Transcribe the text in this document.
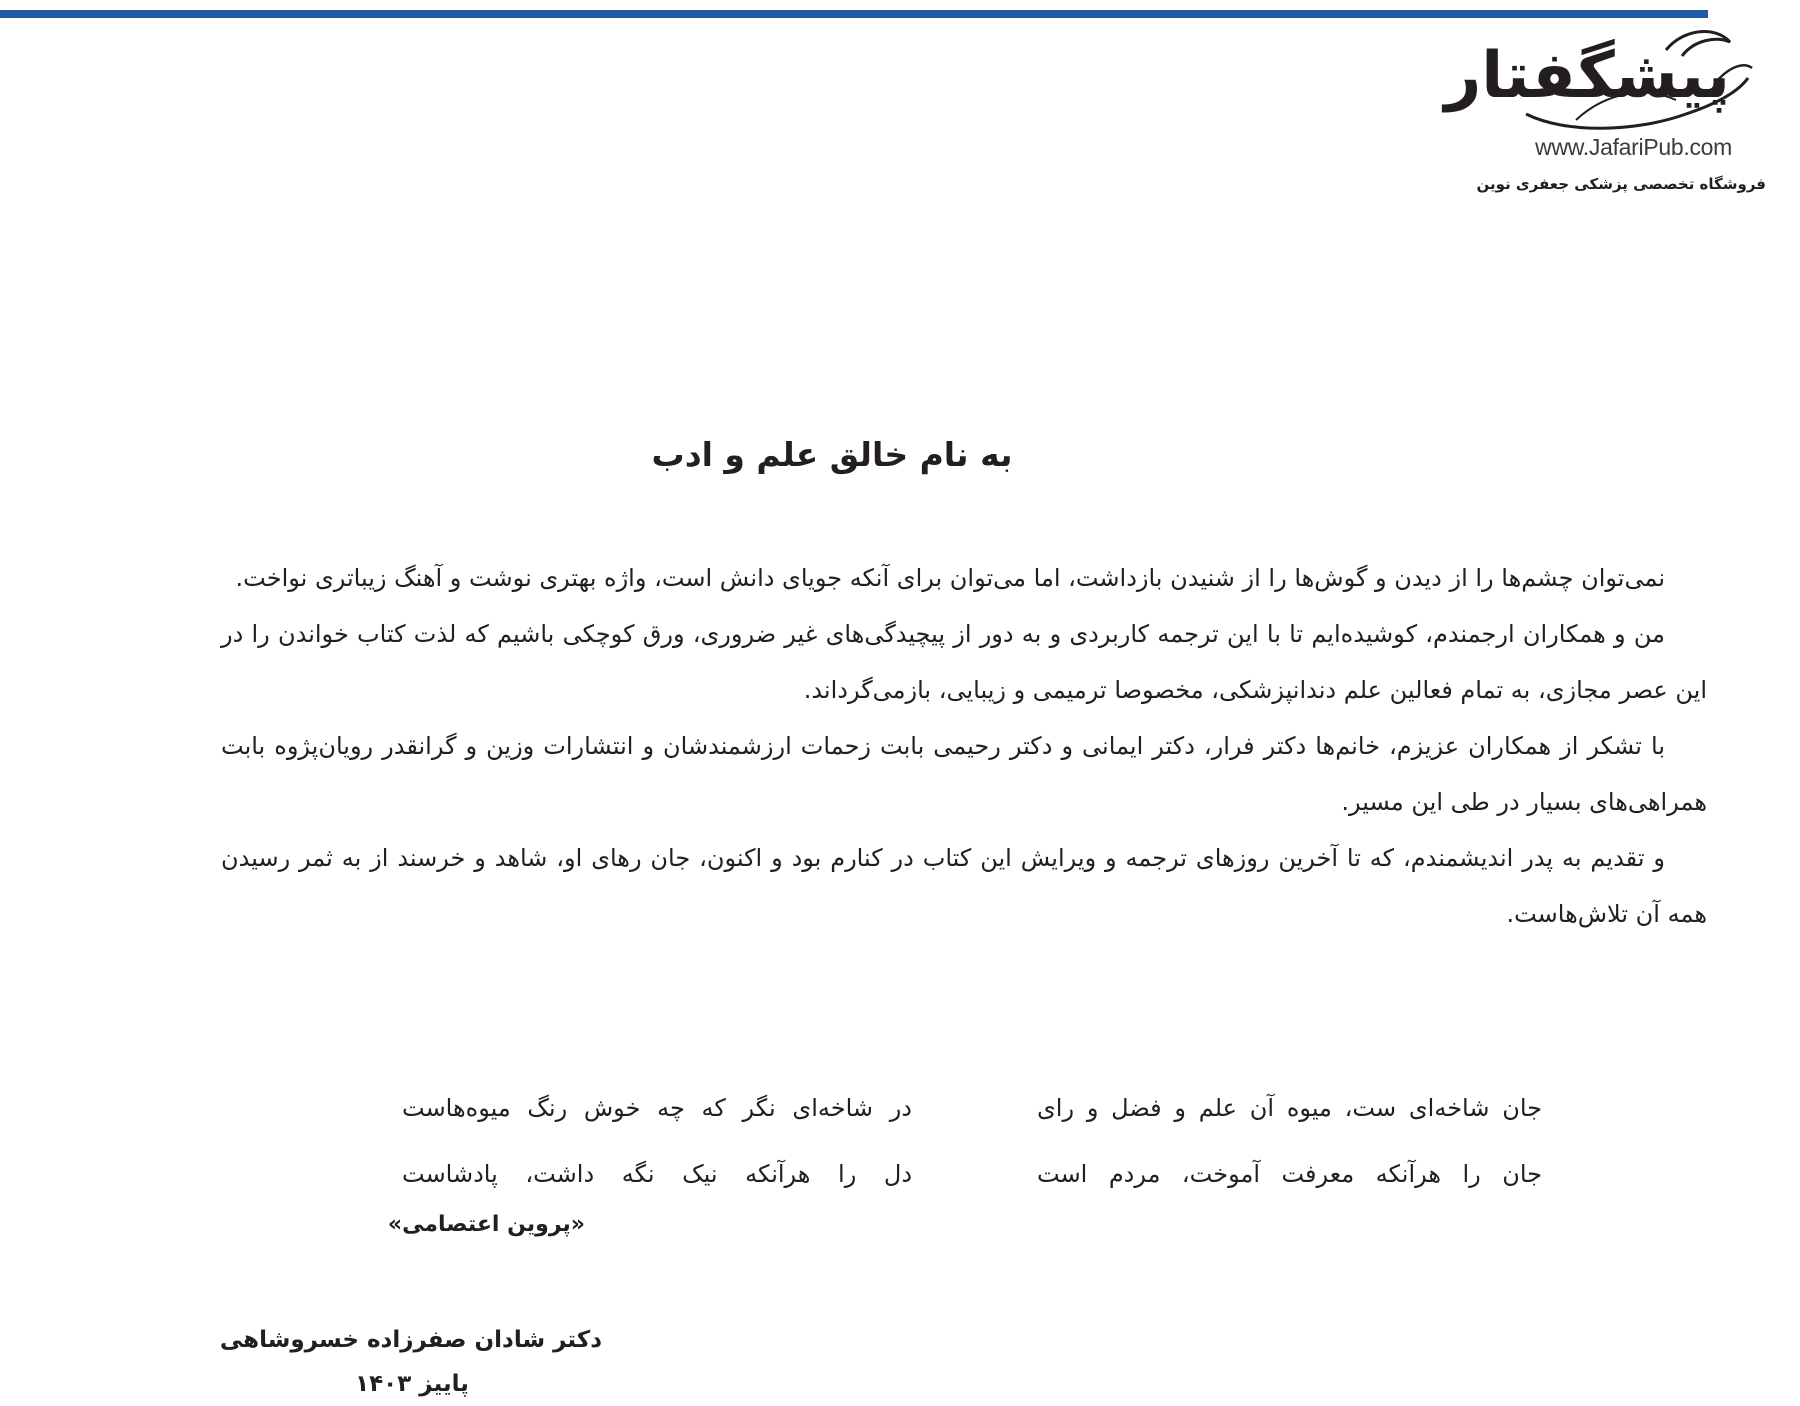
پیشگفتار
www.JafariPub.com
فروشگاه تخصصی پزشکی جعفری نوین
به نام خالق علم و ادب

نمی‌توان چشم‌ها را از دیدن و گوش‌ها را از شنیدن بازداشت، اما می‌توان برای آنکه جویای دانش است، واژه بهتری نوشت و آهنگ زیباتری نواخت.

من و همکاران ارجمندم، کوشیده‌ایم تا با این ترجمه کاربردی و به دور از پیچیدگی‌های غیر ضروری، ورق کوچکی باشیم که لذت کتاب خواندن را در این عصر مجازی، به تمام فعالین علم دندانپزشکی، مخصوصا ترمیمی و زیبایی، بازمی‌گرداند.

با تشکر از همکاران عزیزم، خانم‌ها دکتر فرار، دکتر ایمانی و دکتر رحیمی بابت زحمات ارزشمندشان و انتشارات وزین و گرانقدر رویان‌پژوه بابت همراهی‌های بسیار در طی این مسیر.

و تقدیم به پدر اندیشمندم، که تا آخرین روزهای ترجمه و ویرایش این کتاب در کنارم بود و اکنون، جان رهای او، شاهد و خرسند از به ثمر رسیدن همه آن تلاش‌هاست.

جان شاخه‌ای ست، میوه آن علم و فضل و رای
جان را هرآنکه معرفت آموخت، مردم است
در شاخه‌ای نگر که چه خوش رنگ میوه‌هاست
دل را هرآنکه نیک نگه داشت، پادشاست
«پروین اعتصامی»
دکتر شادان صفرزاده خسروشاهی
پاییز ۱۴۰۳
